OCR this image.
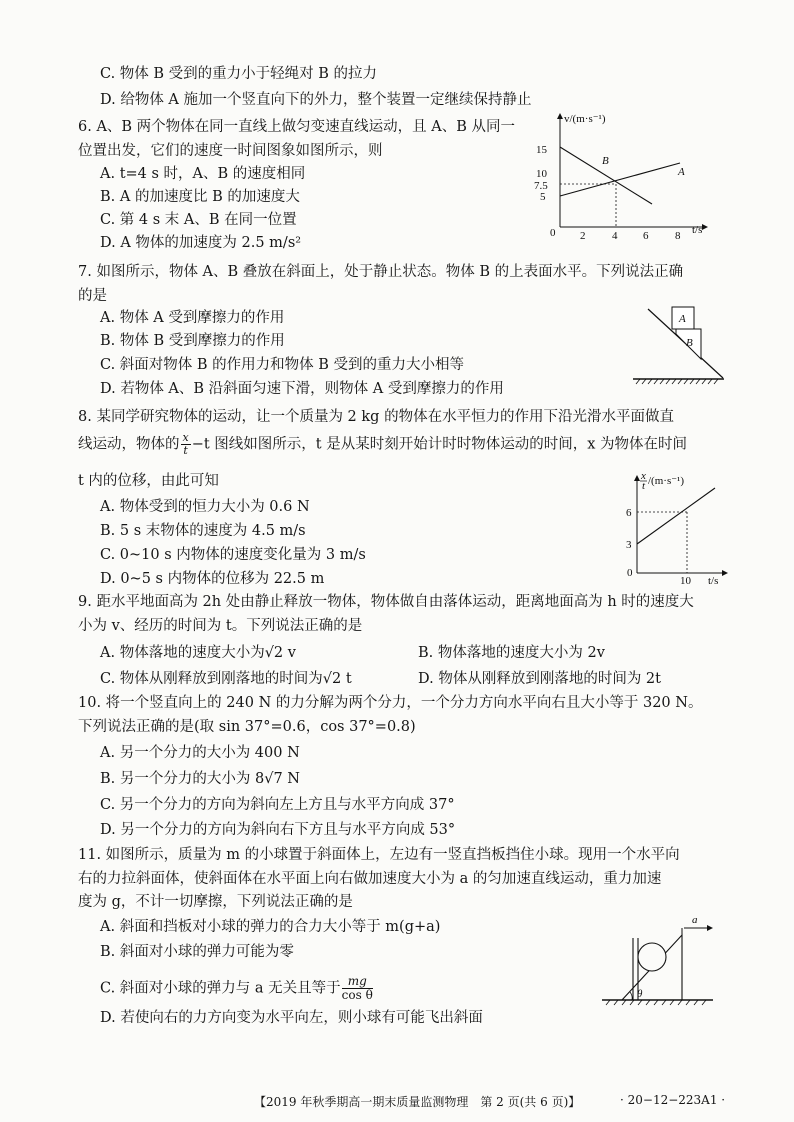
C. 物体 B 受到的重力小于轻绳对 B 的拉力
D. 给物体 A 施加一个竖直向下的外力，整个装置一定继续保持静止
6. A、B 两个物体在同一直线上做匀变速直线运动，且 A、B 从同一
位置出发，它们的速度一时间图象如图所示，则
A. t=4 s 时，A、B 的速度相同
B. A 的加速度比 B 的加速度大
C. 第 4 s 末 A、B 在同一位置
D. A 物体的加速度为 2.5 m/s²
v/(m·s⁻¹)
t/s
0
15
10
7.5
5
2 4 6 8
B
A
7. 如图所示，物体 A、B 叠放在斜面上，处于静止状态。物体 B 的上表面水平。下列说法正确
的是
A. 物体 A 受到摩擦力的作用
B. 物体 B 受到摩擦力的作用
C. 斜面对物体 B 的作用力和物体 B 受到的重力大小相等
D. 若物体 A、B 沿斜面匀速下滑，则物体 A 受到摩擦力的作用
A
B
8. 某同学研究物体的运动，让一个质量为 2 kg 的物体在水平恒力的作用下沿光滑水平面做直
线运动，物体的 $\frac{x}{t} -t$ 图线如图所示，t 是从某时刻开始计时时物体运动的时间，x 为物体在时间
t 内的位移，由此可知
A. 物体受到的恒力大小为 0.6 N
B. 5 s 末物体的速度为 4.5 m/s
C. 0~10 s 内物体的速度变化量为 3 m/s
D. 0~5 s 内物体的位移为 22.5 m
x
t /(m·s⁻¹)
6
3
0
10 t/s
9. 距水平地面高为 2h 处由静止释放一物体，物体做自由落体运动，距离地面高为 h 时的速度大
小为 v、经历的时间为 t。下列说法正确的是
A. 物体落地的速度大小为√2 v	B. 物体落地的速度大小为 2v
C. 物体从刚释放到刚落地的时间为√2 t	D. 物体从刚释放到刚落地的时间为 2t
10. 将一个竖直向上的 240 N 的力分解为两个分力，一个分力方向水平向右且大小等于 320 N。
下列说法正确的是(取 sin 37°=0.6，cos 37°=0.8)
A. 另一个分力的大小为 400 N
B. 另一个分力的大小为 8√7 N
C. 另一个分力的方向为斜向左上方且与水平方向成 37°
D. 另一个分力的方向为斜向右下方且与水平方向成 53°
11. 如图所示，质量为 m 的小球置于斜面体上，左边有一竖直挡板挡住小球。现用一个水平向
右的力拉斜面体，使斜面体在水平面上向右做加速度大小为 a 的匀加速直线运动，重力加速
度为 g，不计一切摩擦，下列说法正确的是
A. 斜面和挡板对小球的弹力的合力大小等于 m(g+a)
B. 斜面对小球的弹力可能为零
C. 斜面对小球的弹力与 a 无关且等于 $\frac{mg}{\text{cos θ}}$
D. 若使向右的力方向变为水平向左，则小球有可能飞出斜面
a
θ
【2019 年秋季期高一期末质量监测物理　第 2 页(共 6 页)】	· 20−12−223A1 ·
